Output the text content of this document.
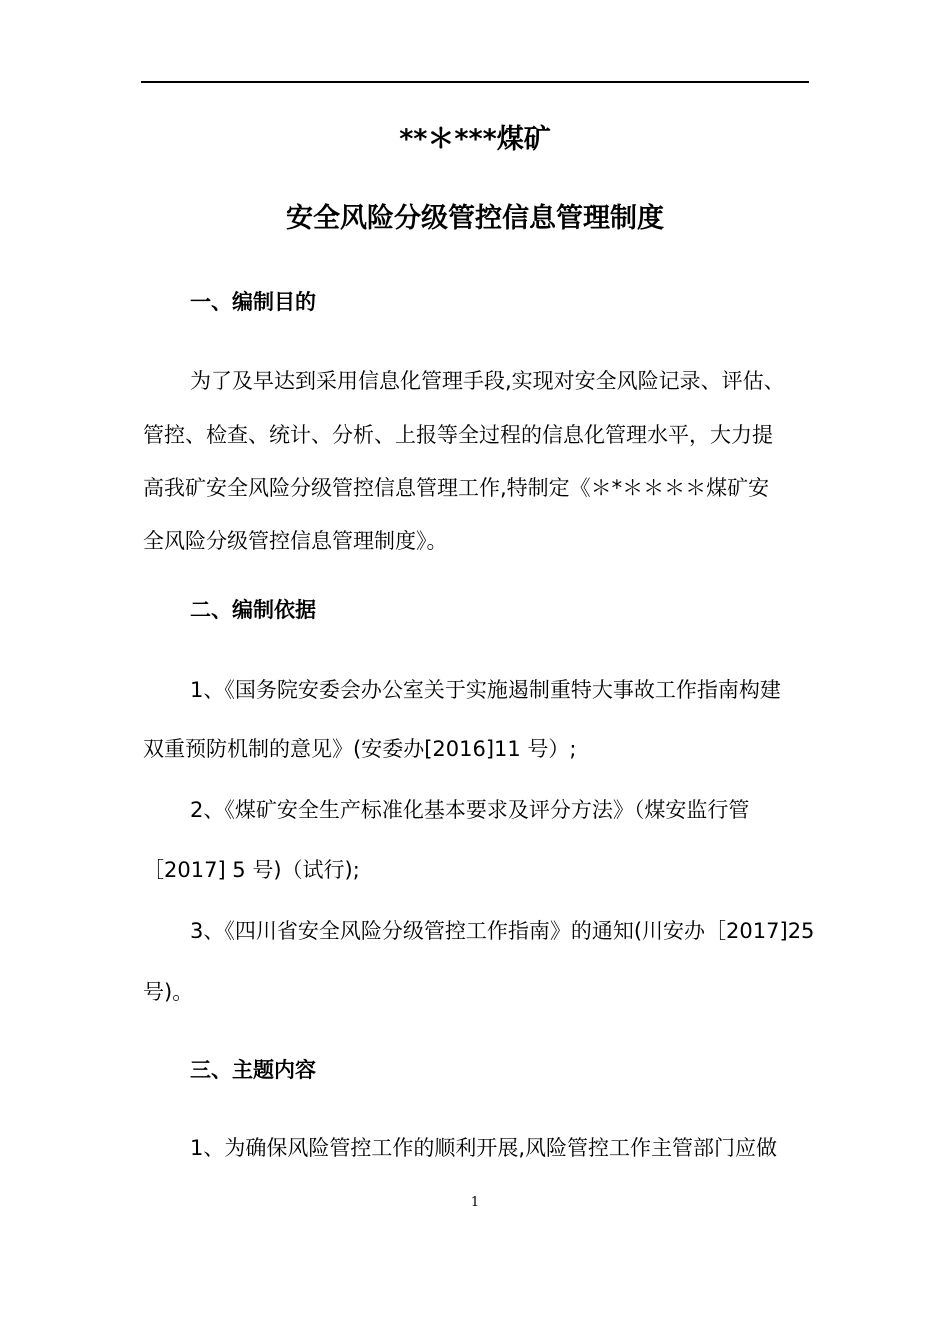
**＊***煤矿
安全风险分级管控信息管理制度
一、编制目的
为了及早达到采用信息化管理手段,实现对安全风险记录、评估、
管控、检查、统计、分析、上报等全过程的信息化管理水平，大力提
高我矿安全风险分级管控信息管理工作,特制定《＊*＊＊＊＊煤矿安
全风险分级管控信息管理制度》。
二、编制依据
1、《国务院安委会办公室关于实施遏制重特大事故工作指南构建
双重预防机制的意见》(安委办[2016]11 号）;
2、《煤矿安全生产标准化基本要求及评分方法》（煤安监行管
［2017] 5 号)（试行);
3、《四川省安全风险分级管控工作指南》的通知(川安办［2017]25
号)。
三、主题内容
1、为确保风险管控工作的顺利开展,风险管控工作主管部门应做
1
